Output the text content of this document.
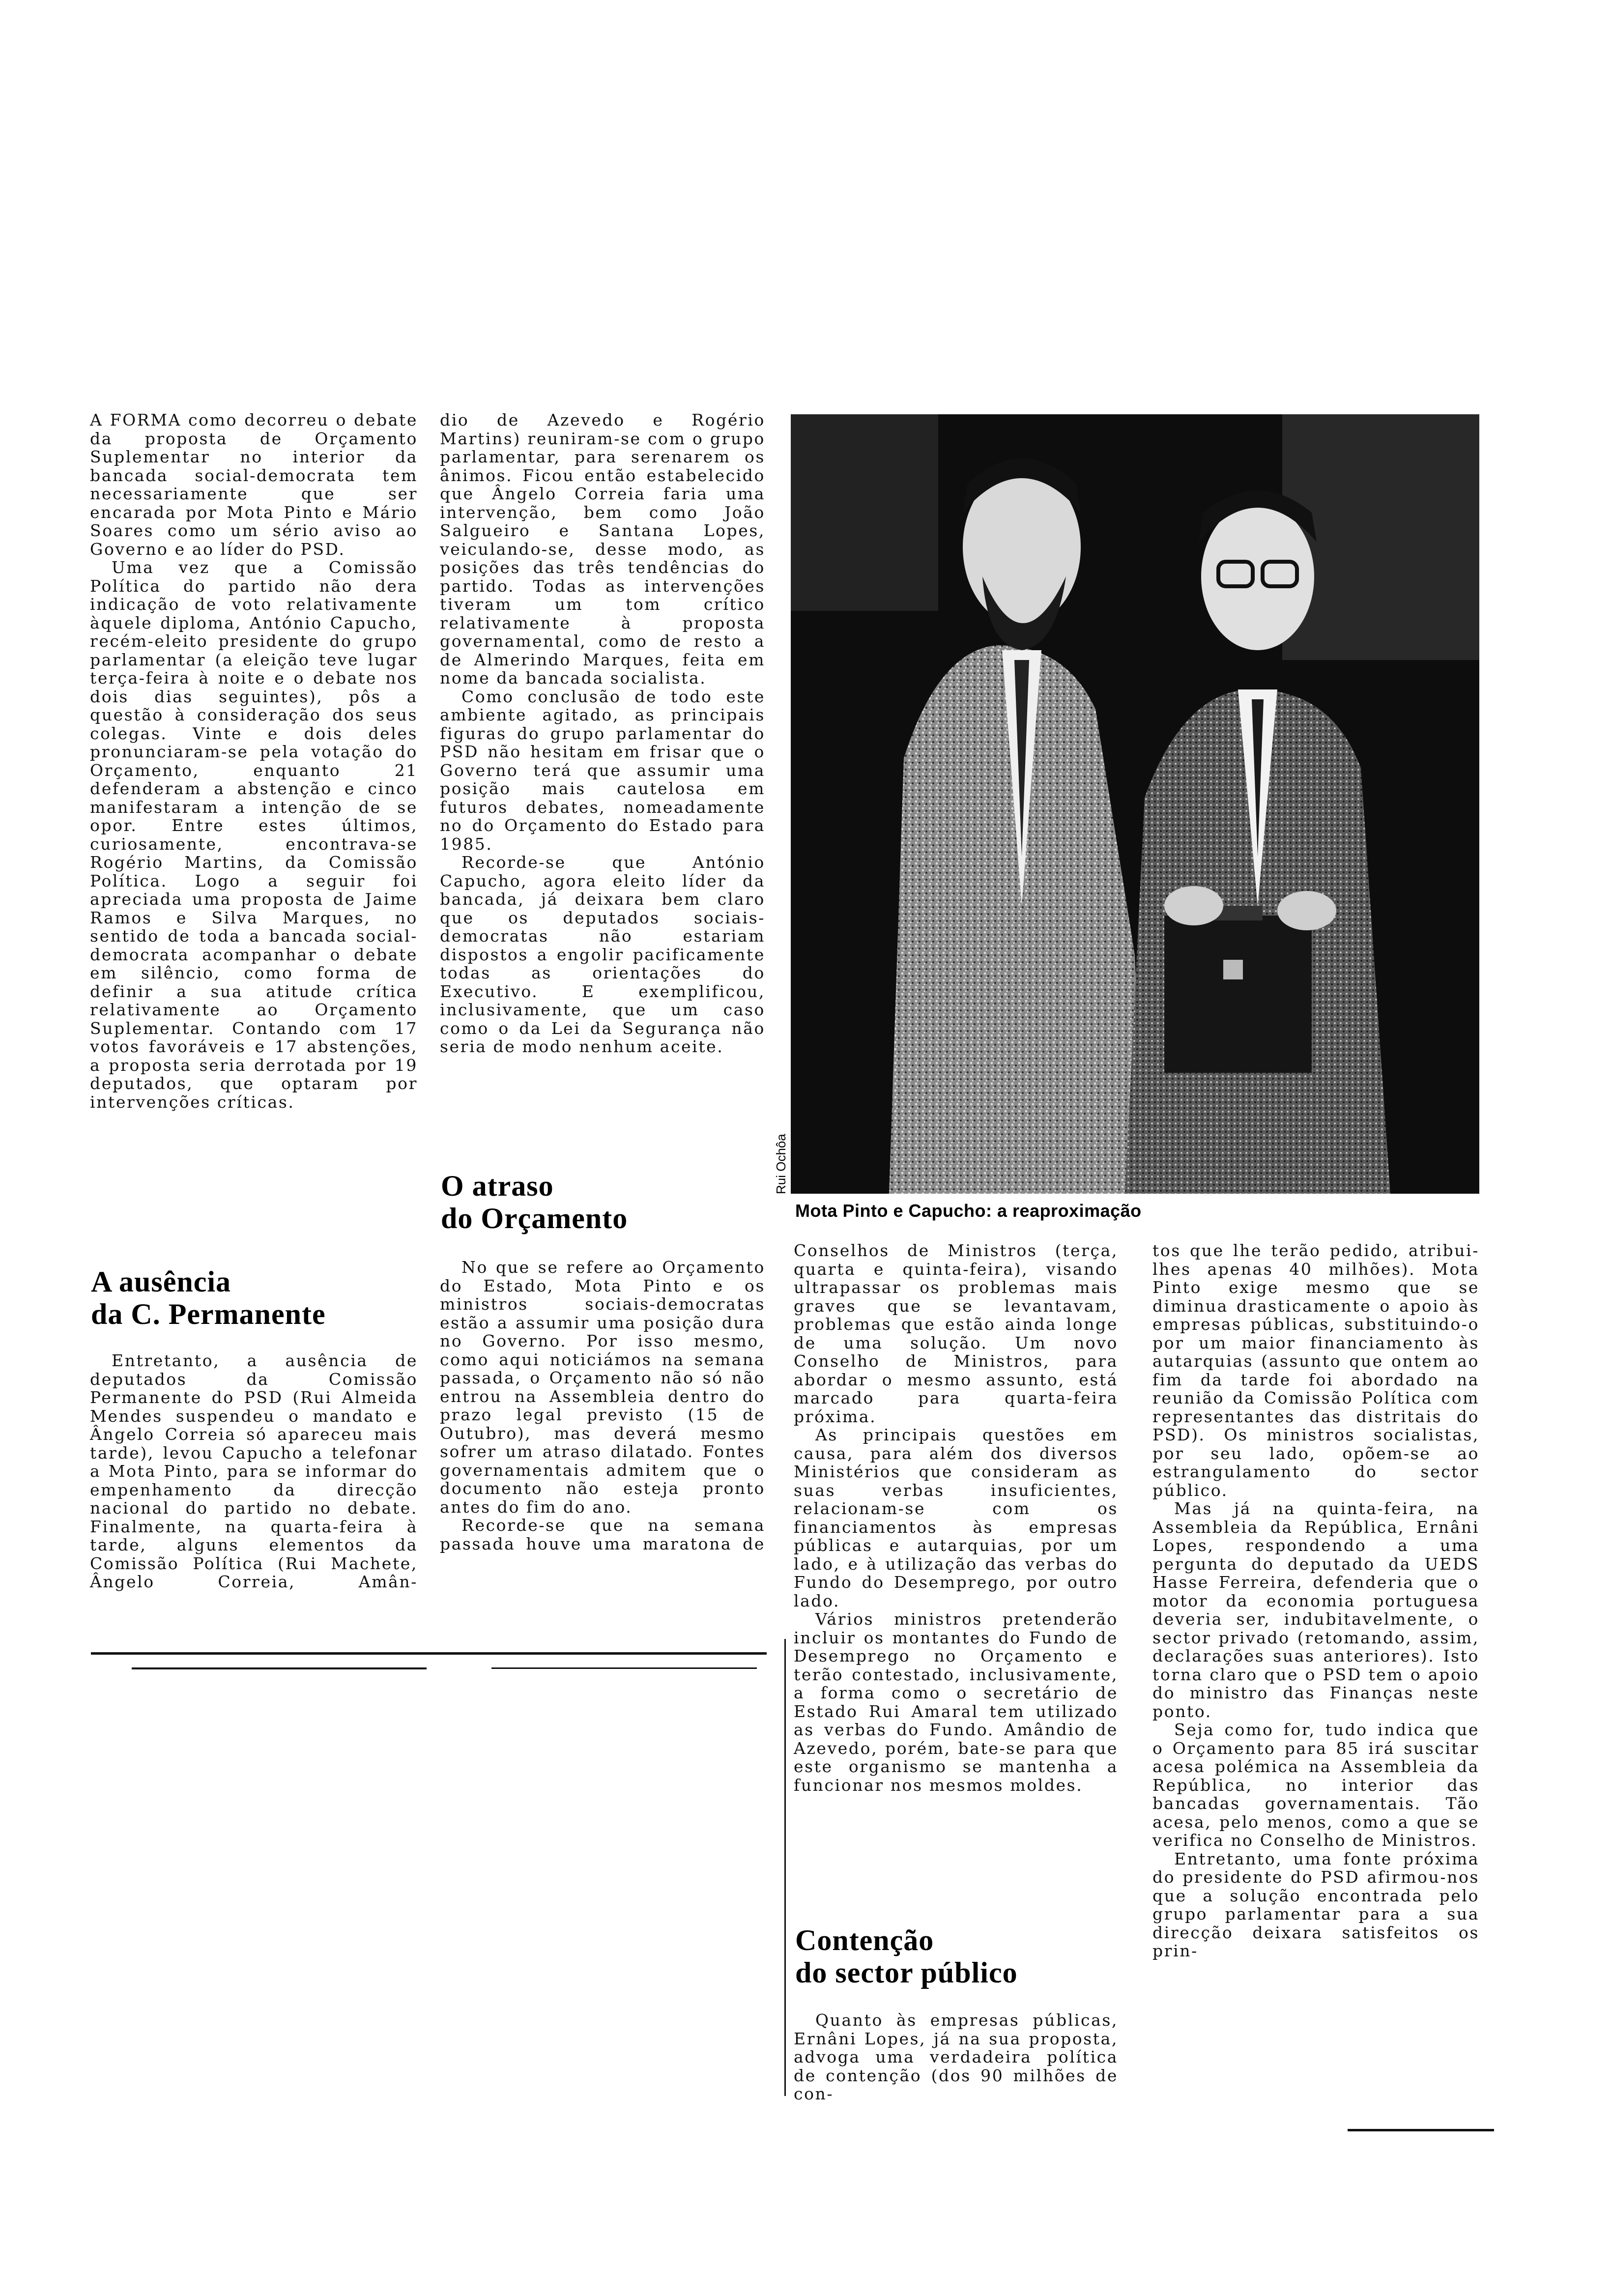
A FORMA como decorreu o debate da proposta de Orçamento Suplementar no interior da bancada social-democrata tem necessariamente que ser encarada por Mota Pinto e Mário Soares como um sério aviso ao Governo e ao líder do PSD.

Uma vez que a Comissão Política do partido não dera indicação de voto relativamente àquele diploma, António Capucho, recém-eleito presidente do grupo parlamentar (a eleição teve lugar terça-feira à noite e o debate nos dois dias seguintes), pôs a questão à consideração dos seus colegas. Vinte e dois deles pronunciaram-se pela votação do Orçamento, enquanto 21 defenderam a abstenção e cinco manifestaram a intenção de se opor. Entre estes últimos, curiosamente, encontrava-se Rogério Martins, da Comissão Política. Logo a seguir foi apreciada uma proposta de Jaime Ramos e Silva Marques, no sentido de toda a bancada social-democrata acompanhar o debate em silêncio, como forma de definir a sua atitude crítica relativamente ao Orçamento Suplementar. Contando com 17 votos favoráveis e 17 abstenções, a proposta seria derrotada por 19 deputados, que optaram por intervenções críticas.

A ausência
da C. Permanente

Entretanto, a ausência de deputados da Comissão Permanente do PSD (Rui Almeida Mendes suspendeu o mandato e Ângelo Correia só apareceu mais tarde), levou Capucho a telefonar a Mota Pinto, para se informar do empenhamento da direcção nacional do partido no debate. Finalmente, na quarta-feira à tarde, alguns elementos da Comissão Política (Rui Machete, Ângelo Correia, Amân-

dio de Azevedo e Rogério Martins) reuniram-se com o grupo parlamentar, para serenarem os ânimos. Ficou então estabelecido que Ângelo Correia faria uma intervenção, bem como João Salgueiro e Santana Lopes, veiculando-se, desse modo, as posições das três tendências do partido. Todas as intervenções tiveram um tom crítico relativamente à proposta governamental, como de resto a de Almerindo Marques, feita em nome da bancada socialista.

Como conclusão de todo este ambiente agitado, as principais figuras do grupo parlamentar do PSD não hesitam em frisar que o Governo terá que assumir uma posição mais cautelosa em futuros debates, nomeadamente no do Orçamento do Estado para 1985.

Recorde-se que António Capucho, agora eleito líder da bancada, já deixara bem claro que os deputados sociais-democratas não estariam dispostos a engolir pacificamente todas as orientações do Executivo. E exemplificou, inclusivamente, que um caso como o da Lei da Segurança não seria de modo nenhum aceite.

O atraso
do Orçamento

No que se refere ao Orçamento do Estado, Mota Pinto e os ministros sociais-democratas estão a assumir uma posição dura no Governo. Por isso mesmo, como aqui noticiámos na semana passada, o Orçamento não só não entrou na Assembleia dentro do prazo legal previsto (15 de Outubro), mas deverá mesmo sofrer um atraso dilatado. Fontes governamentais admitem que o documento não esteja pronto antes do fim do ano.

Recorde-se que na semana passada houve uma maratona de

Rui Ochôa
Mota Pinto e Capucho: a reaproximação

Conselhos de Ministros (terça, quarta e quinta-feira), visando ultrapassar os problemas mais graves que se levantavam, problemas que estão ainda longe de uma solução. Um novo Conselho de Ministros, para abordar o mesmo assunto, está marcado para quarta-feira próxima.

As principais questões em causa, para além dos diversos Ministérios que consideram as suas verbas insuficientes, relacionam-se com os financiamentos às empresas públicas e autarquias, por um lado, e à utilização das verbas do Fundo do Desemprego, por outro lado.

Vários ministros pretenderão incluir os montantes do Fundo de Desemprego no Orçamento e terão contestado, inclusivamente, a forma como o secretário de Estado Rui Amaral tem utilizado as verbas do Fundo. Amândio de Azevedo, porém, bate-se para que este organismo se mantenha a funcionar nos mesmos moldes.

Contenção
do sector público

Quanto às empresas públicas, Ernâni Lopes, já na sua proposta, advoga uma verdadeira política de contenção (dos 90 milhões de con-

tos que lhe terão pedido, atribui-lhes apenas 40 milhões). Mota Pinto exige mesmo que se diminua drasticamente o apoio às empresas públicas, substituindo-o por um maior financiamento às autarquias (assunto que ontem ao fim da tarde foi abordado na reunião da Comissão Política com representantes das distritais do PSD). Os ministros socialistas, por seu lado, opõem-se ao estrangulamento do sector público.

Mas já na quinta-feira, na Assembleia da República, Ernâni Lopes, respondendo a uma pergunta do deputado da UEDS Hasse Ferreira, defenderia que o motor da economia portuguesa deveria ser, indubitavelmente, o sector privado (retomando, assim, declarações suas anteriores). Isto torna claro que o PSD tem o apoio do ministro das Finanças neste ponto.

Seja como for, tudo indica que o Orçamento para 85 irá suscitar acesa polémica na Assembleia da República, no interior das bancadas governamentais. Tão acesa, pelo menos, como a que se verifica no Conselho de Ministros.

Entretanto, uma fonte próxima do presidente do PSD afirmou-nos que a solução encontrada pelo grupo parlamentar para a sua direcção deixara satisfeitos os prin-
